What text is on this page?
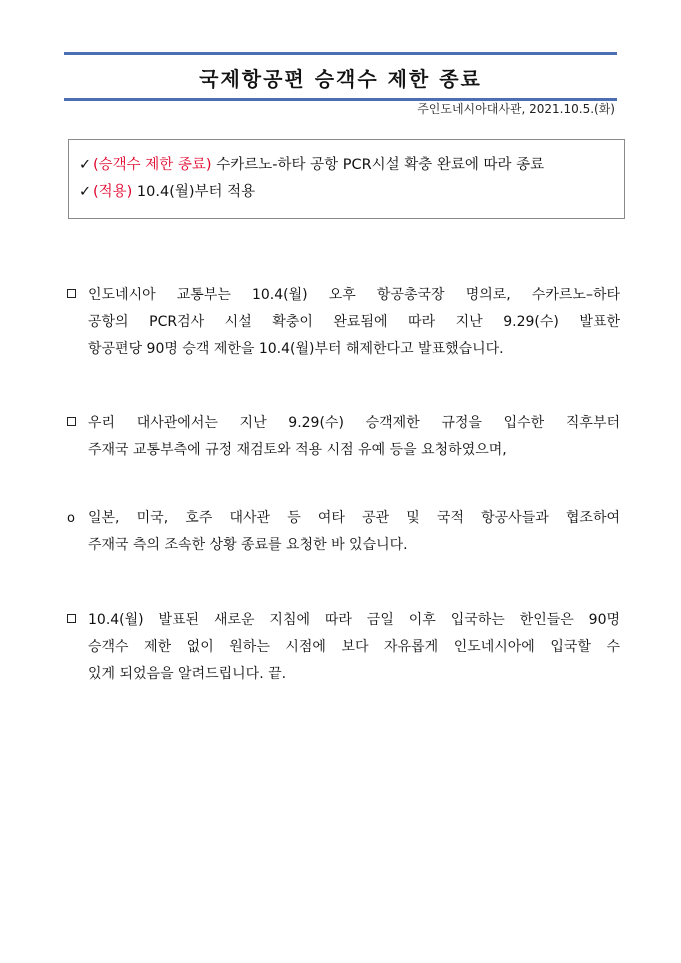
국제항공편 승객수 제한 종료
주인도네시아대사관, 2021.10.5.(화)
✓ (승객수 제한 종료) 수카르노-하타 공항 PCR시설 확충 완료에 따라 종료
✓ (적용) 10.4(월)부터 적용
인도네시아 교통부는 10.4(월) 오후 항공총국장 명의로, 수카르노–하타
공항의 PCR검사 시설 확충이 완료됨에 따라 지난 9.29(수) 발표한
항공편당 90명 승객 제한을 10.4(월)부터 해제한다고 발표했습니다.
우리 대사관에서는 지난 9.29(수) 승객제한 규정을 입수한 직후부터
주재국 교통부측에 규정 재검토와 적용 시점 유예 등을 요청하였으며,
o 일본, 미국, 호주 대사관 등 여타 공관 및 국적 항공사들과 협조하여
주재국 측의 조속한 상황 종료를 요청한 바 있습니다.
10.4(월) 발표된 새로운 지침에 따라 금일 이후 입국하는 한인들은 90명
승객수 제한 없이 원하는 시점에 보다 자유롭게 인도네시아에 입국할 수
있게 되었음을 알려드립니다. 끝.
